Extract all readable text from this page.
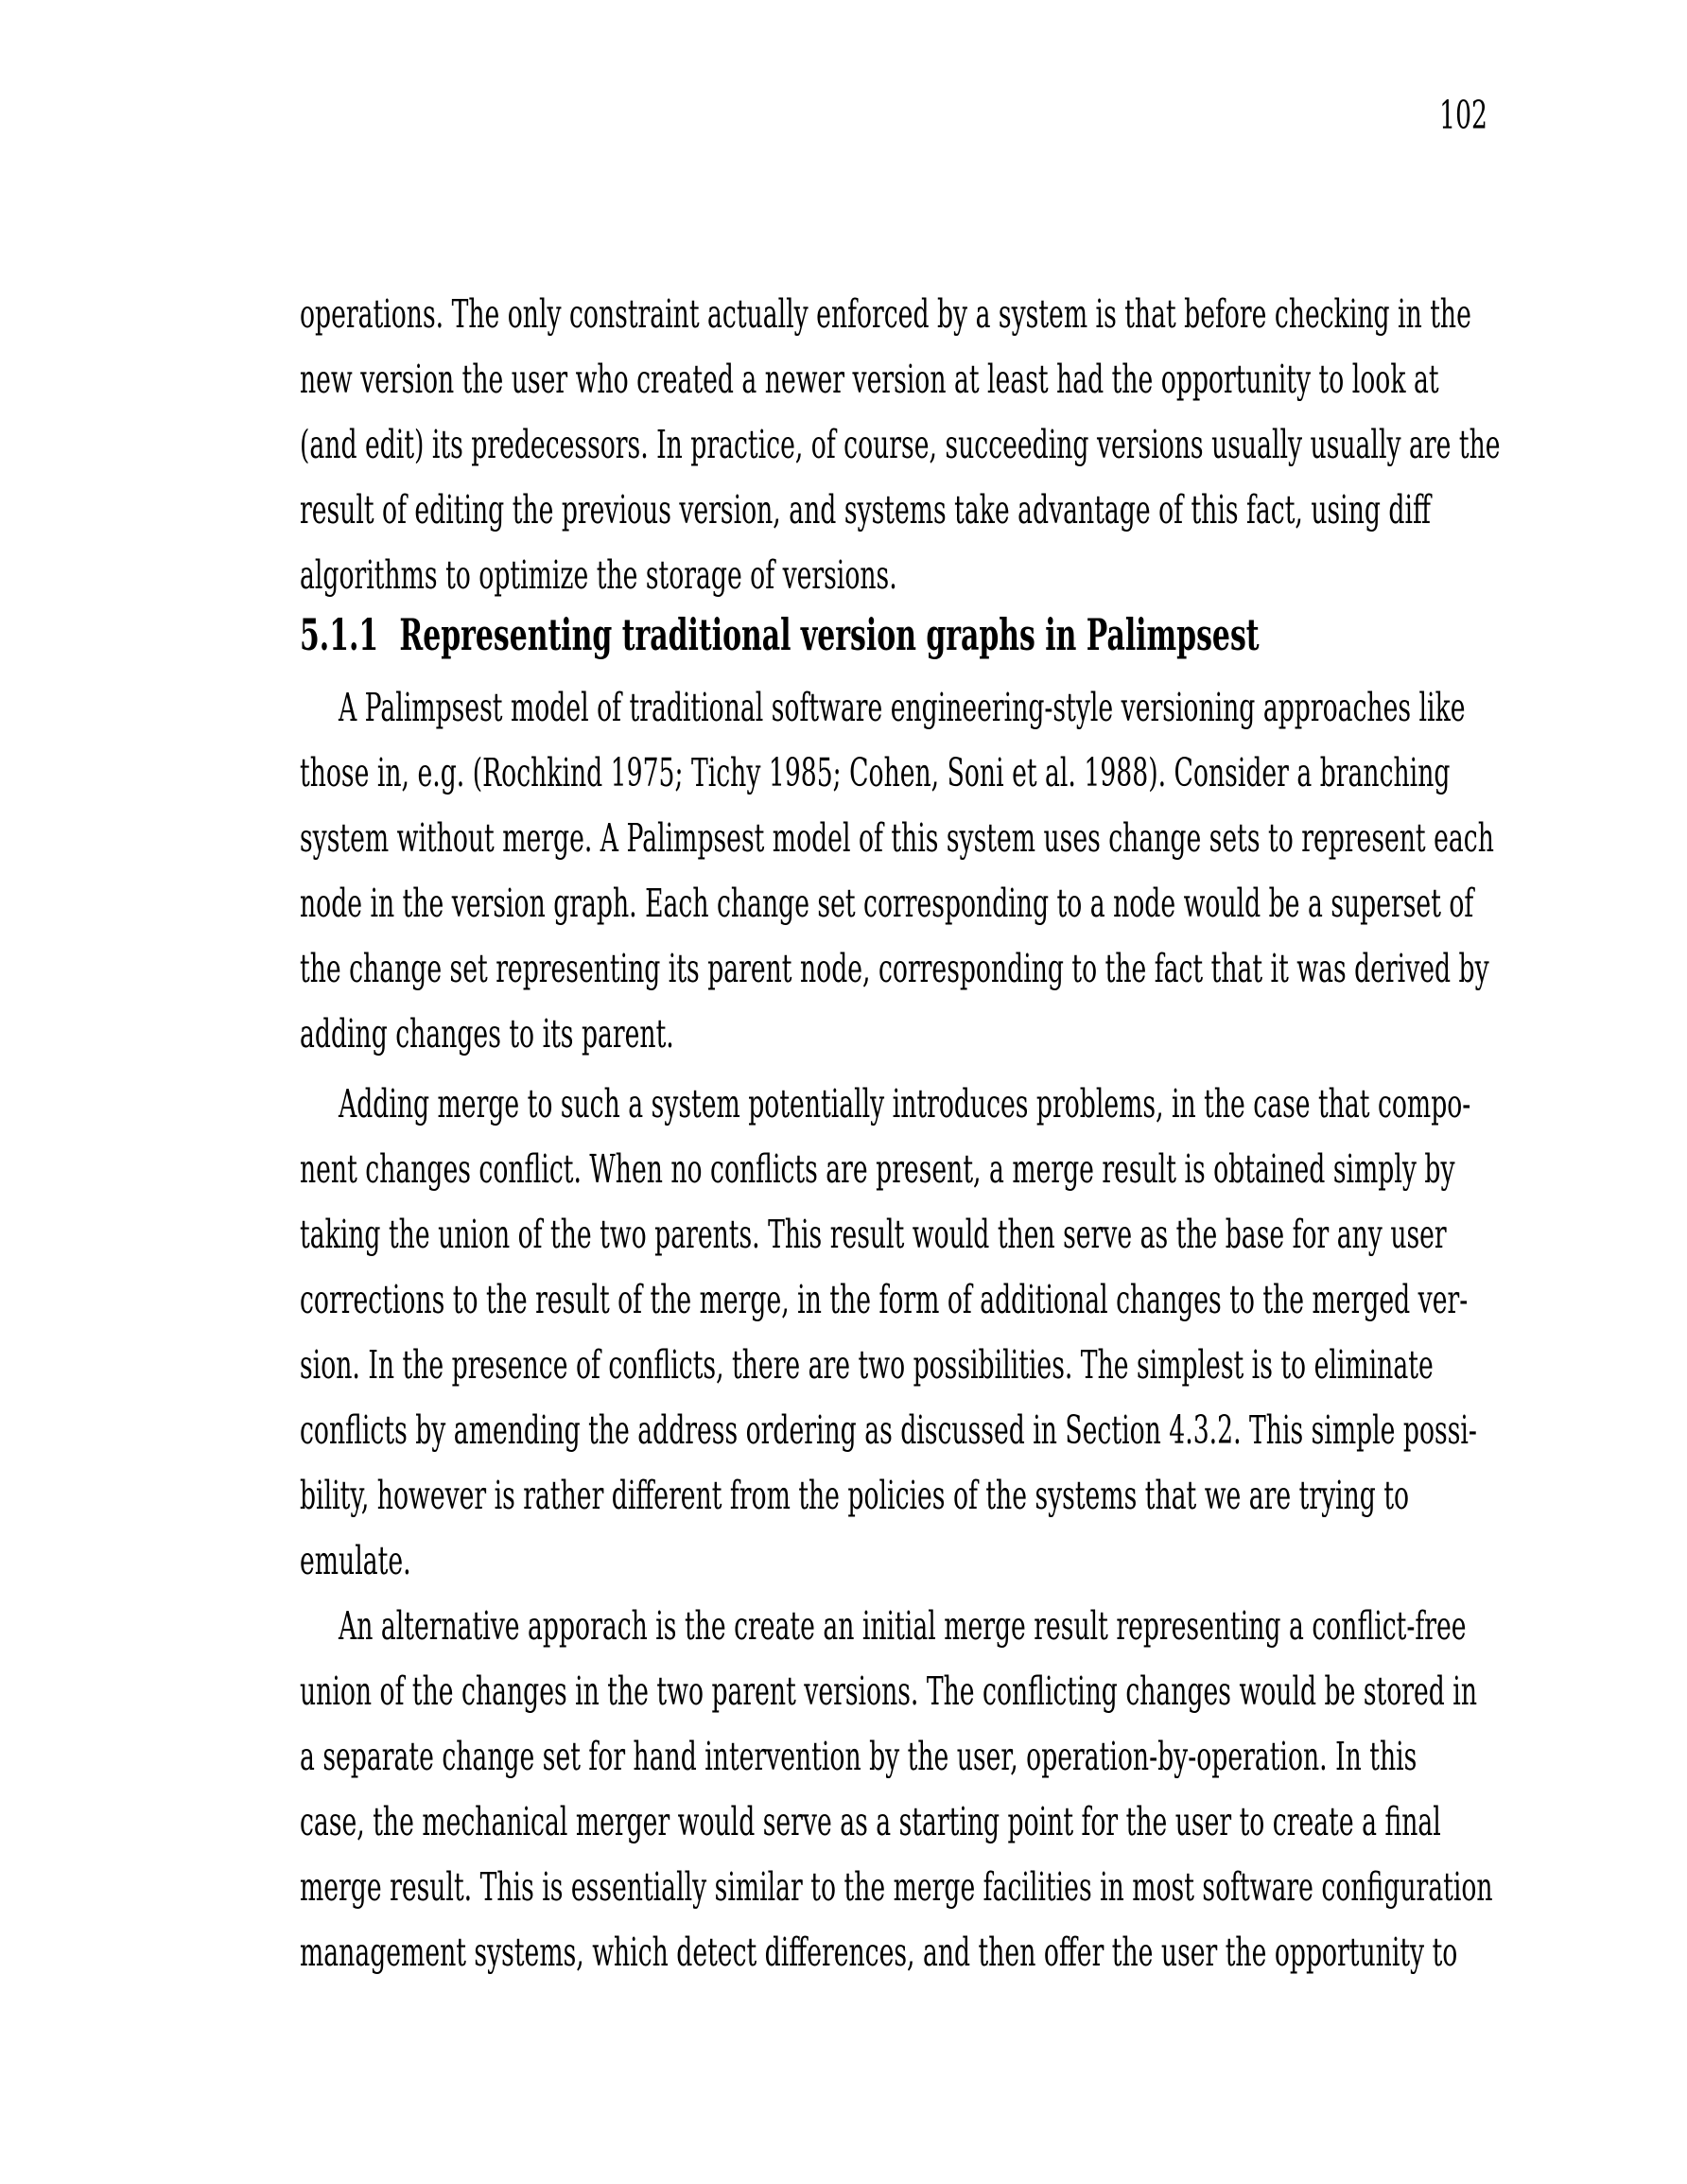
102
operations. The only constraint actually enforced by a system is that before checking in the
new version the user who created a newer version at least had the opportunity to look at
(and edit) its predecessors. In practice, of course, succeeding versions usually usually are the
result of editing the previous version, and systems take advantage of this fact, using diff
algorithms to optimize the storage of versions.
5.1.1 Representing traditional version graphs in Palimpsest
A Palimpsest model of traditional software engineering-style versioning approaches like
those in, e.g. (Rochkind 1975; Tichy 1985; Cohen, Soni et al. 1988). Consider a branching
system without merge. A Palimpsest model of this system uses change sets to represent each
node in the version graph. Each change set corresponding to a node would be a superset of
the change set representing its parent node, corresponding to the fact that it was derived by
adding changes to its parent.
Adding merge to such a system potentially introduces problems, in the case that compo-
nent changes conflict. When no conflicts are present, a merge result is obtained simply by
taking the union of the two parents. This result would then serve as the base for any user
corrections to the result of the merge, in the form of additional changes to the merged ver-
sion. In the presence of conflicts, there are two possibilities. The simplest is to eliminate
conflicts by amending the address ordering as discussed in Section 4.3.2. This simple possi-
bility, however is rather different from the policies of the systems that we are trying to
emulate.
An alternative apporach is the create an initial merge result representing a conflict-free
union of the changes in the two parent versions. The conflicting changes would be stored in
a separate change set for hand intervention by the user, operation-by-operation. In this
case, the mechanical merger would serve as a starting point for the user to create a final
merge result. This is essentially similar to the merge facilities in most software configuration
management systems, which detect differences, and then offer the user the opportunity to
